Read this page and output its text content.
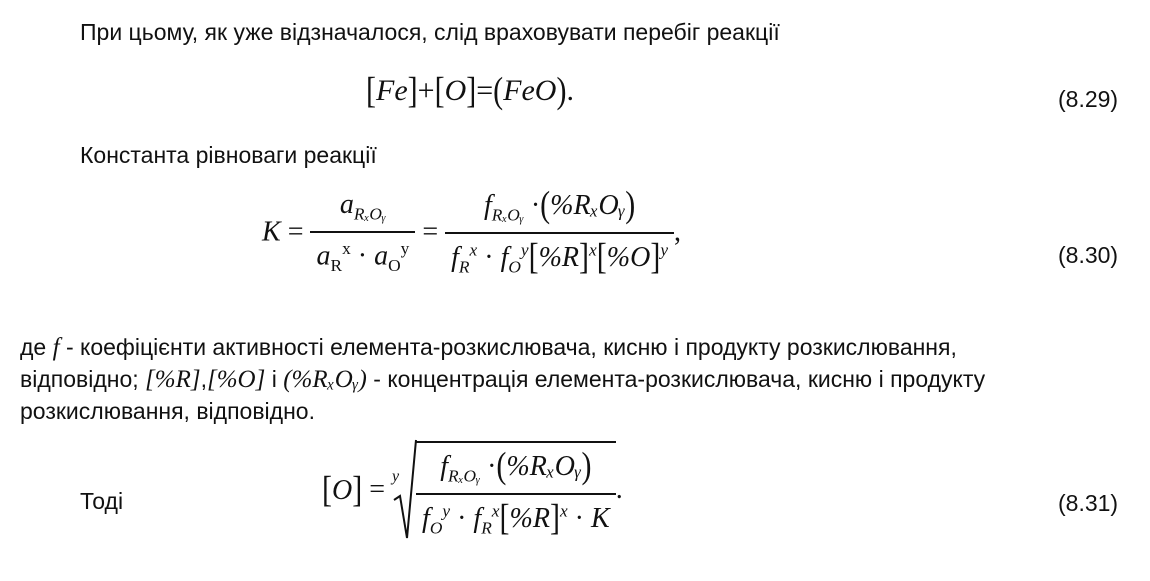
При цьому, як уже відзначалося, слід враховувати перебіг реакції
[Fe]+[O]=(FeO).	(8.29)
Константа рівноваги реакції
$K = \frac{a_{R_xOᵧ}}{a_R^x \cdot a_O^y} = \frac{f_{R_xOᵧ} \cdot(\%R_xOᵧ)}{f_R^x \cdot f_O^y[\%R]^x[\%O]^y}$ ,
(8.30)
де f - коефіцієнти активності елемента-розкислювача, кисню і продукту розкислювання,
відповідно; [%R],[%O] і (%RₓOᵧ) - концентрація елемента-розкислювача, кисню і продукту
розкислювання, відповідно.
Тоді	[O] = y $\frac{f_{R_xOᵧ} \cdot(\%R_xOᵧ)}{f_O^y \cdot f_R^x[\%R]^x \cdot K}$ .	(8.31)
